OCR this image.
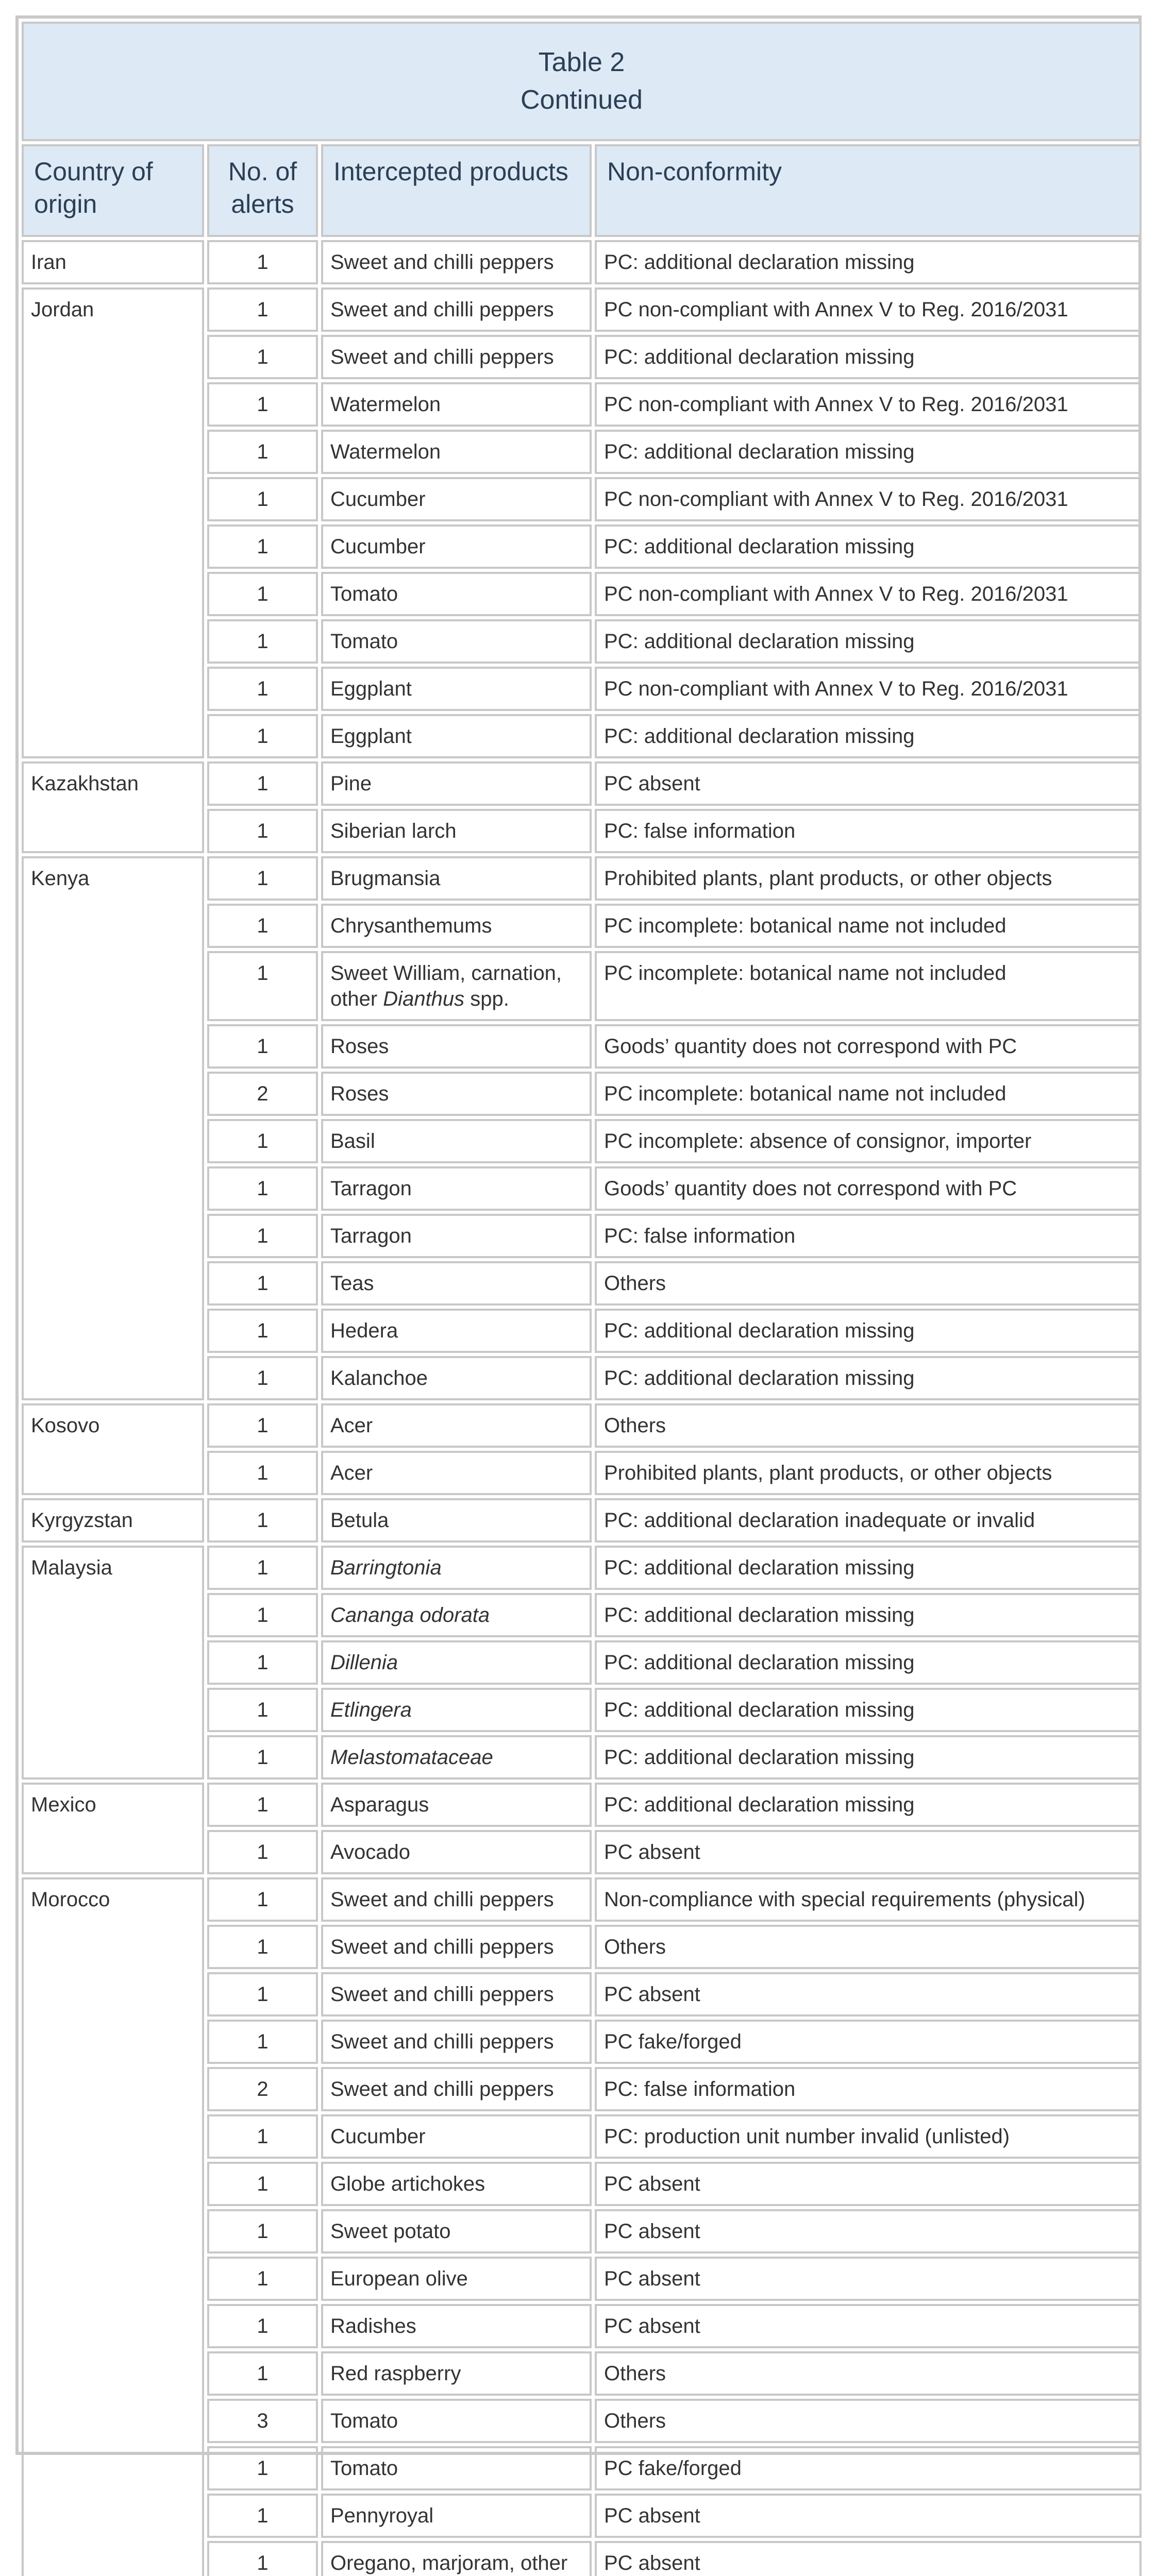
Table 2
Continued			

Country of origin	No. of alerts	Intercepted products	Non-conformity
Iran	1	Sweet and chilli peppers	PC: additional declaration missing
Jordan	1	Sweet and chilli peppers	PC non-compliant with Annex V to Reg. 2016/2031
	1	Sweet and chilli peppers	PC: additional declaration missing
	1	Watermelon	PC non-compliant with Annex V to Reg. 2016/2031
	1	Watermelon	PC: additional declaration missing
	1	Cucumber	PC non-compliant with Annex V to Reg. 2016/2031
	1	Cucumber	PC: additional declaration missing
	1	Tomato	PC non-compliant with Annex V to Reg. 2016/2031
	1	Tomato	PC: additional declaration missing
	1	Eggplant	PC non-compliant with Annex V to Reg. 2016/2031
	1	Eggplant	PC: additional declaration missing
Kazakhstan	1	Pine	PC absent
	1	Siberian larch	PC: false information
Kenya	1	Brugmansia	Prohibited plants, plant products, or other objects
	1	Chrysanthemums	PC incomplete: botanical name not included
	1	Sweet William, carnation, other Dianthus spp.	PC incomplete: botanical name not included
	1	Roses	Goods’ quantity does not correspond with PC
	2	Roses	PC incomplete: botanical name not included
	1	Basil	PC incomplete: absence of consignor, importer
	1	Tarragon	Goods’ quantity does not correspond with PC
	1	Tarragon	PC: false information
	1	Teas	Others
	1	Hedera	PC: additional declaration missing
	1	Kalanchoe	PC: additional declaration missing
Kosovo	1	Acer	Others
	1	Acer	Prohibited plants, plant products, or other objects
Kyrgyzstan	1	Betula	PC: additional declaration inadequate or invalid
Malaysia	1	Barringtonia	PC: additional declaration missing
	1	Cananga odorata	PC: additional declaration missing
	1	Dillenia	PC: additional declaration missing
	1	Etlingera	PC: additional declaration missing
	1	Melastomataceae	PC: additional declaration missing
Mexico	1	Asparagus	PC: additional declaration missing
	1	Avocado	PC absent
Morocco	1	Sweet and chilli peppers	Non-compliance with special requirements (physical)
	1	Sweet and chilli peppers	Others
	1	Sweet and chilli peppers	PC absent
	1	Sweet and chilli peppers	PC fake/forged
	2	Sweet and chilli peppers	PC: false information
	1	Cucumber	PC: production unit number invalid (unlisted)
	1	Globe artichokes	PC absent
	1	Sweet potato	PC absent
	1	European olive	PC absent
	1	Radishes	PC absent
	1	Red raspberry	Others
	3	Tomato	Others
	1	Tomato	PC fake/forged
	1	Pennyroyal	PC absent
	1	Oregano, marjoram, other	PC absent
